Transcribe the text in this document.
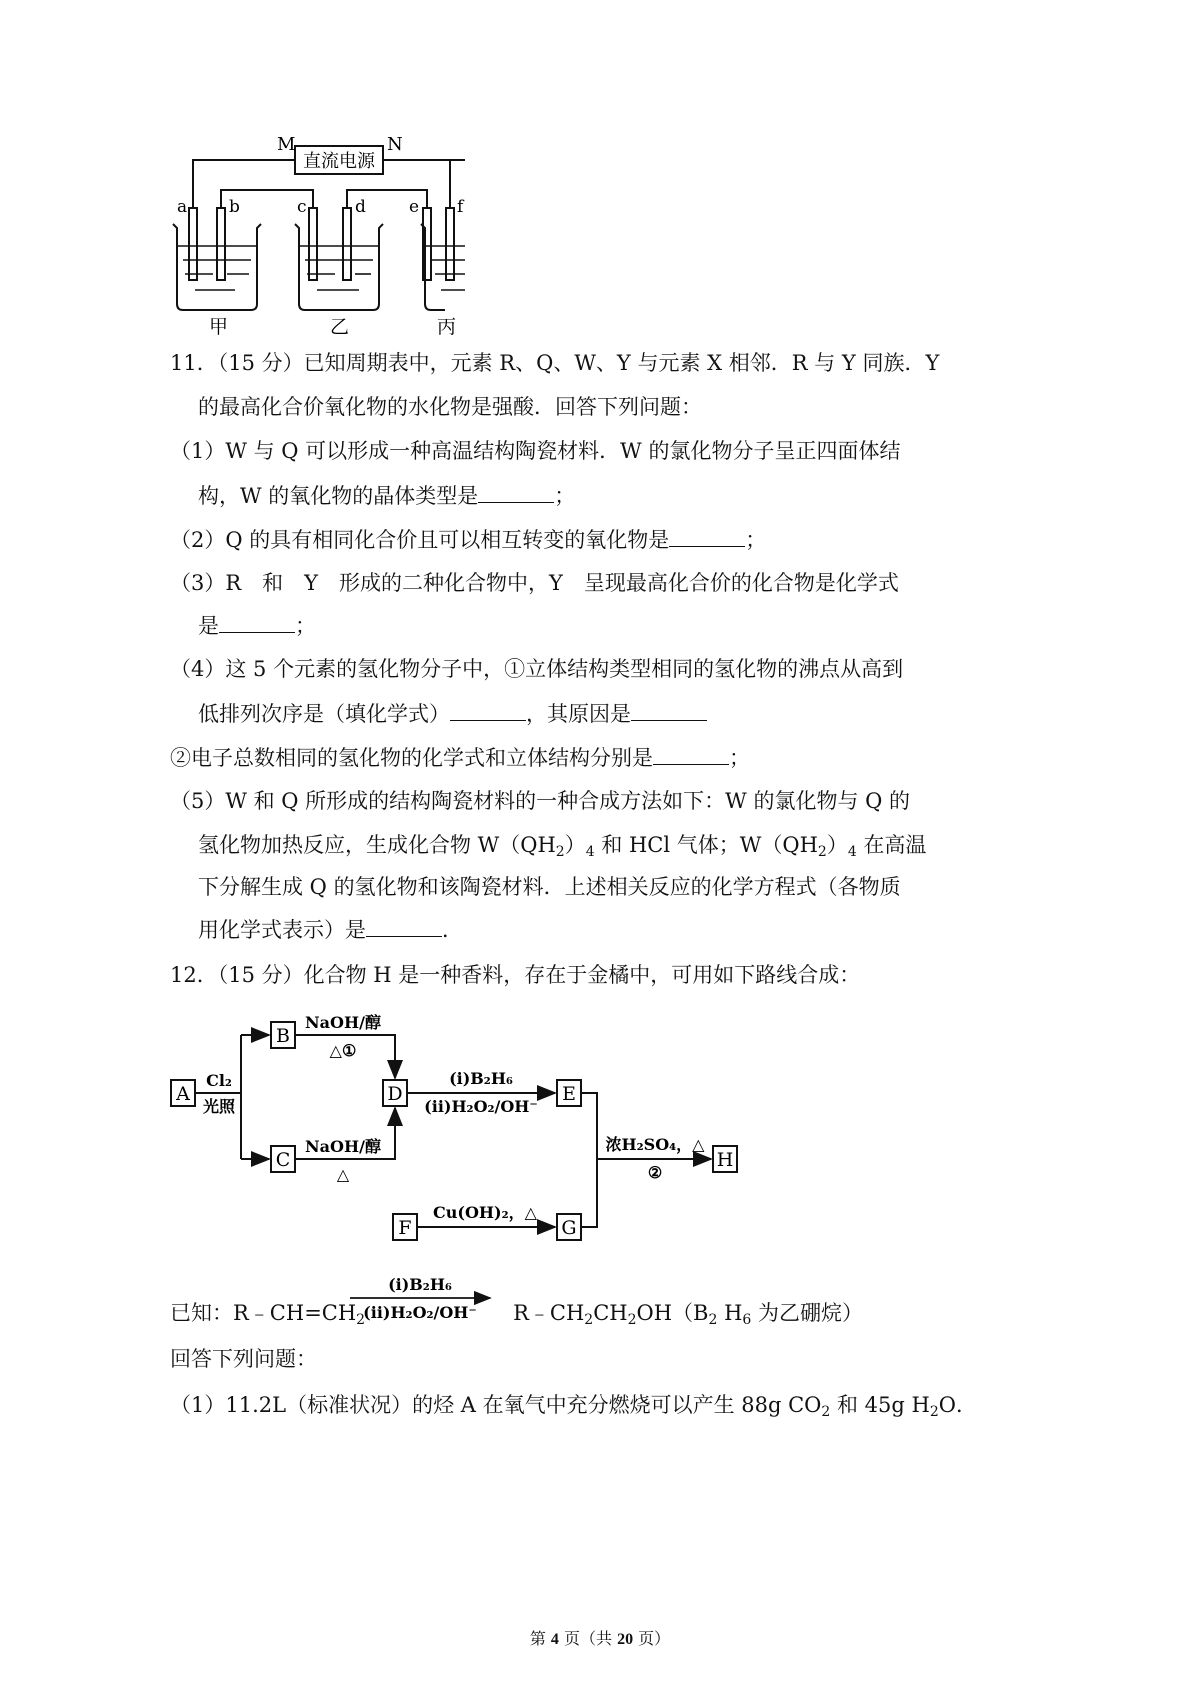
直流电源
M	N
a b	c	d	e f
甲	乙	丙
11．（15 分）已知周期表中，元素 R、Q、W、Y 与元素 X 相邻．R 与 Y 同族．Y
的最高化合价氧化物的水化物是强酸．回答下列问题：
（1）W 与 Q 可以形成一种高温结构陶瓷材料．W 的氯化物分子呈正四面体结
构，W 的氧化物的晶体类型是	；
（2）Q 的具有相同化合价且可以相互转变的氧化物是	；
（3）R　和　Y　形成的二种化合物中，Y　呈现最高化合价的化合物是化学式
是	；
（4）这 5 个元素的氢化物分子中，①立体结构类型相同的氢化物的沸点从高到
低排列次序是（填化学式）	，其原因是
②电子总数相同的氢化物的化学式和立体结构分别是	；
（5）W 和 Q 所形成的结构陶瓷材料的一种合成方法如下：W 的氯化物与 Q 的
氢化物加热反应，生成化合物 $W(QH_2)_4$ 和 HCl 气体；$W(QH_2)_4$ 在高温
下分解生成 Q 的氢化物和该陶瓷材料．上述相关反应的化学方程式（各物质
用化学式表示）是	．
12．（15 分）化合物 H 是一种香料，存在于金橘中，可用如下路线合成：
A
B
C
D	E
H
F	G
Cl₂
光照
NaOH/醇
△①
NaOH/醇
△
(ⅰ)B₂H₆
(ⅱ)H₂O₂/OH⁻
浓H₂SO₄，△
②
Cu(OH)₂，△
(ⅰ)B₂H₆
(ⅱ)H₂O₂/OH⁻
已知：$R﹣CH=CH_2$	$R﹣CH_2CH_2OH(B_2$ $H_6$ 为乙硼烷）
回答下列问题：
（1）11.2L（标准状况）的烃 A 在氧气中充分燃烧可以产生 88g $CO_2$ 和 45g $H_2O$．
第 4 页（共 20 页）
